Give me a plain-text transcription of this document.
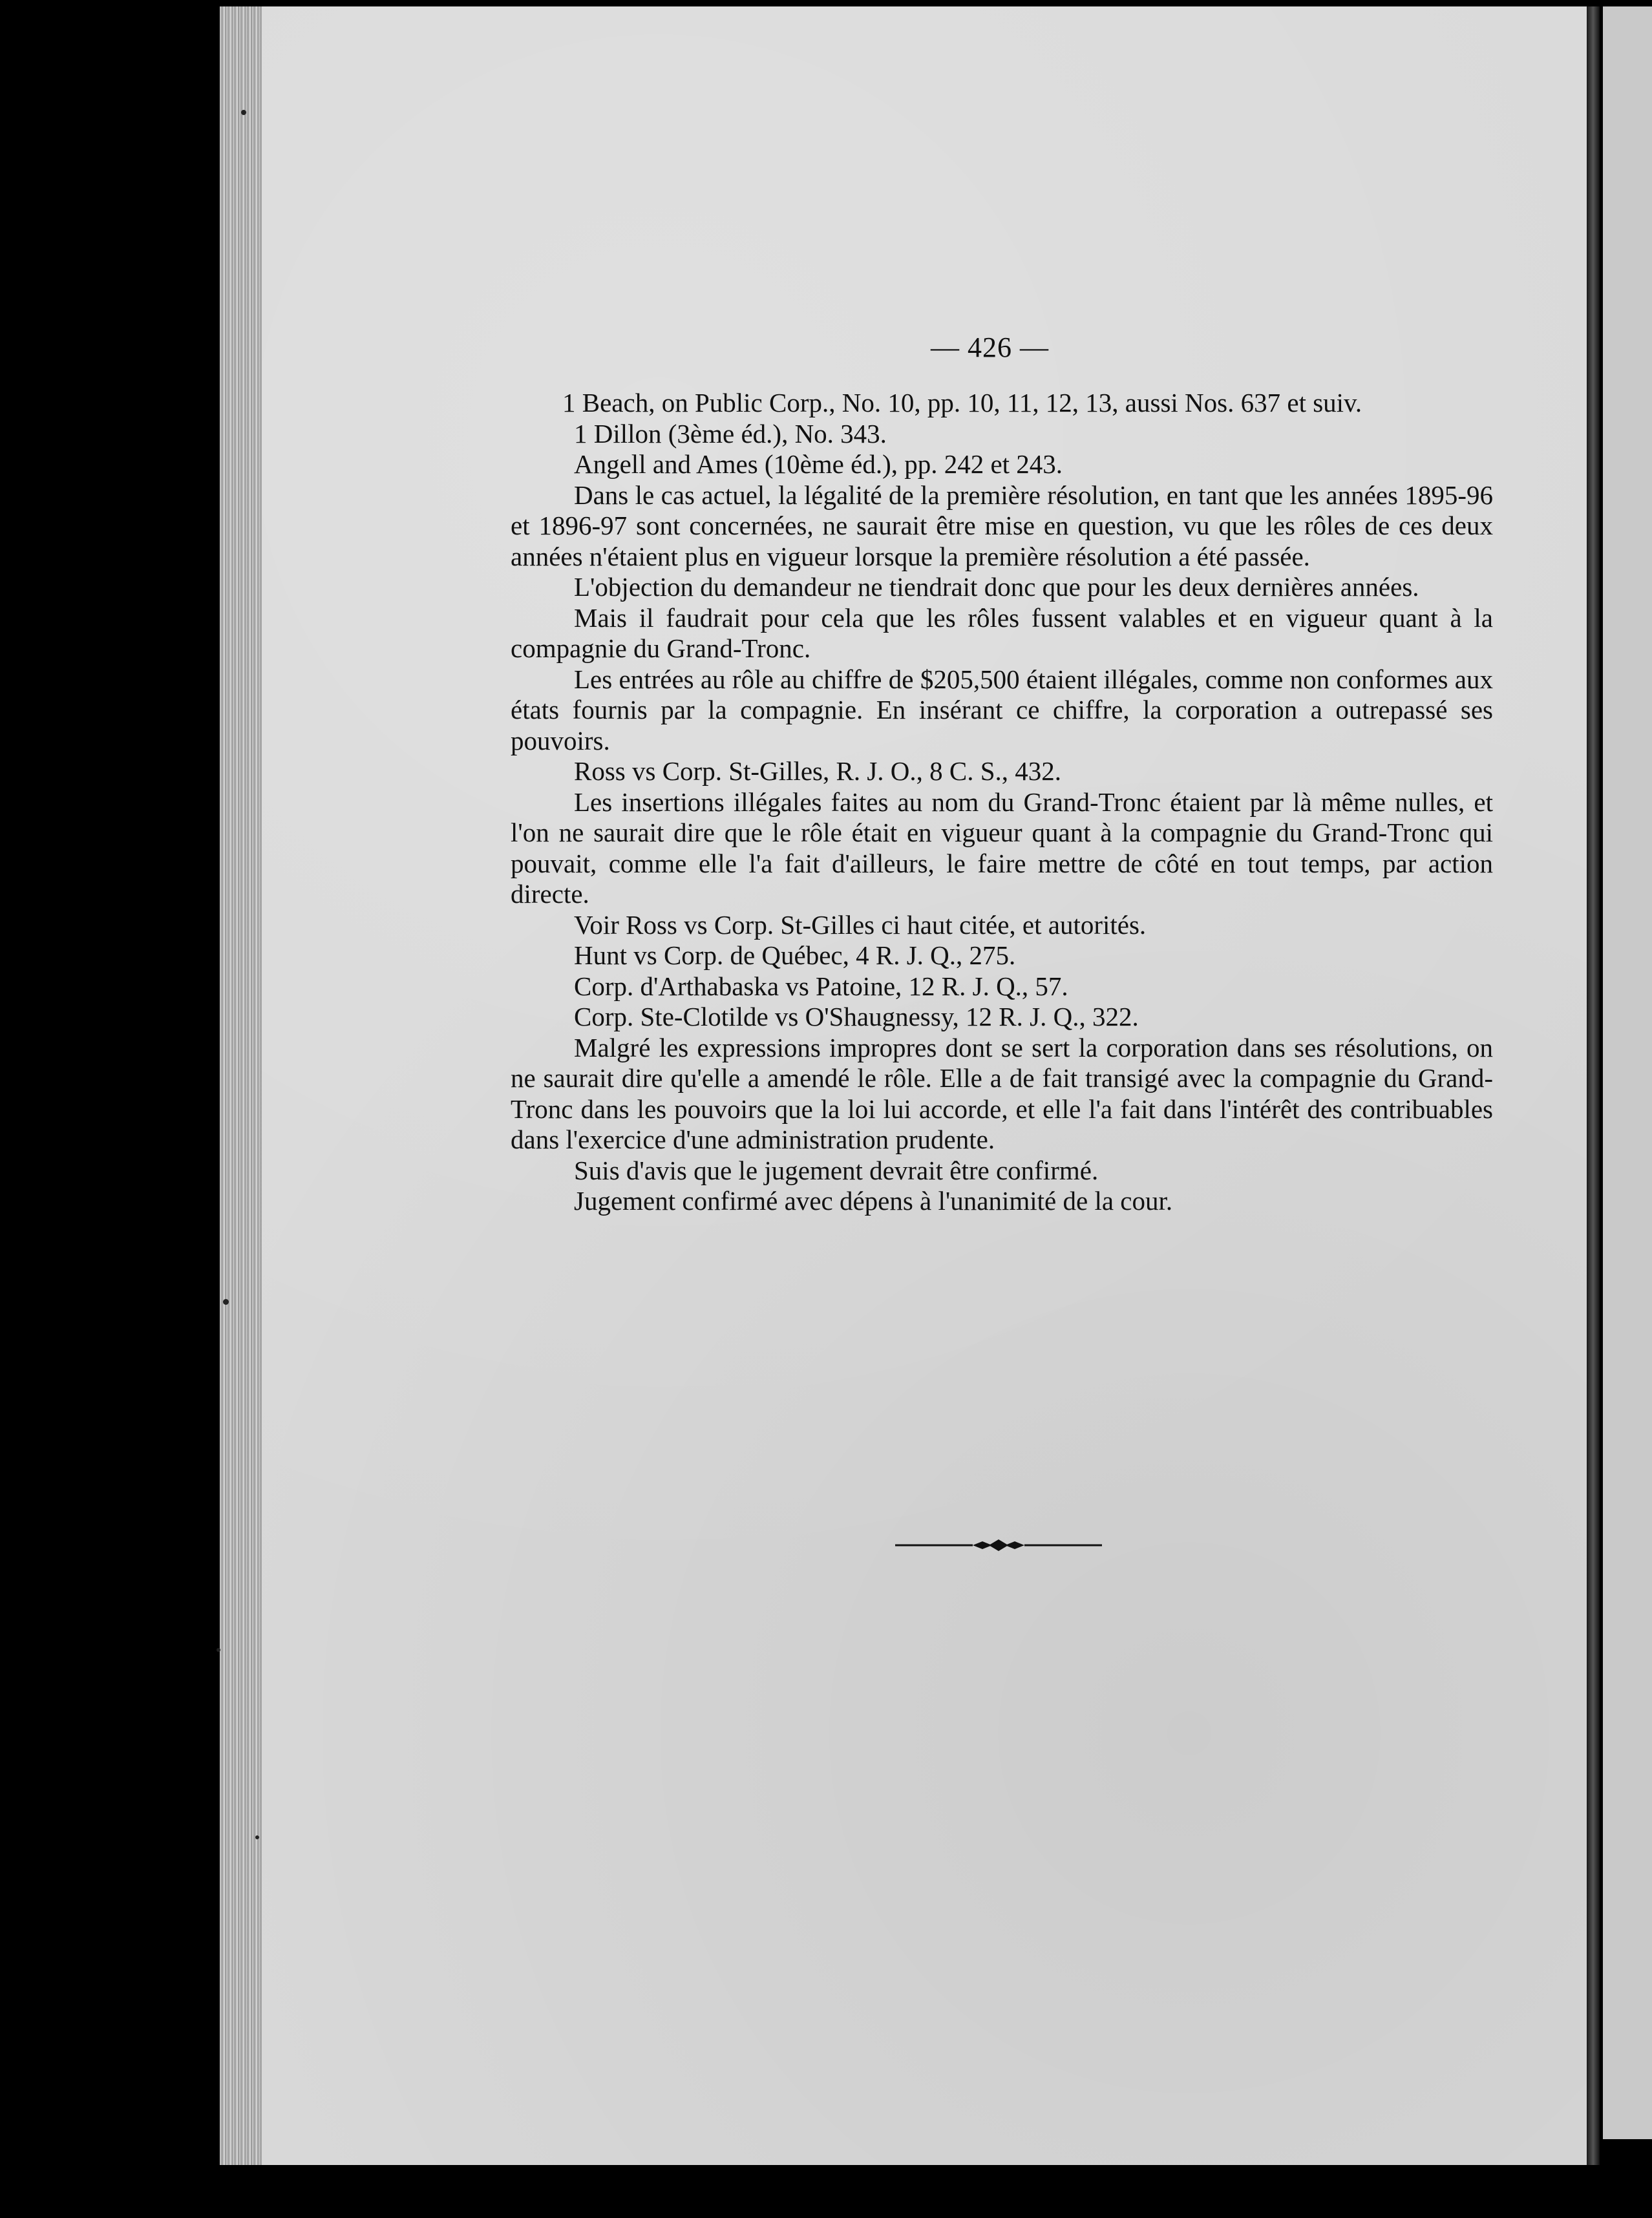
— 426 —

1 Beach, on Public Corp., No. 10, pp. 10, 11, 12, 13, aussi Nos. 637 et suiv.

1 Dillon (3ème éd.), No. 343.

Angell and Ames (10ème éd.), pp. 242 et 243.

Dans le cas actuel, la légalité de la première résolution, en tant que les années 1895-96 et 1896-97 sont concernées, ne saurait être mise en question, vu que les rôles de ces deux années n'étaient plus en vigueur lorsque la première résolution a été passée.

L'objection du demandeur ne tiendrait donc que pour les deux dernières années.

Mais il faudrait pour cela que les rôles fussent valables et en vigueur quant à la compagnie du Grand-Tronc.

Les entrées au rôle au chiffre de $205,500 étaient illégales, comme non conformes aux états fournis par la compagnie. En insérant ce chiffre, la corporation a outrepassé ses pouvoirs.

Ross vs Corp. St-Gilles, R. J. O., 8 C. S., 432.

Les insertions illégales faites au nom du Grand-Tronc étaient par là même nulles, et l'on ne saurait dire que le rôle était en vigueur quant à la compagnie du Grand-Tronc qui pouvait, comme elle l'a fait d'ailleurs, le faire mettre de côté en tout temps, par action directe.

Voir Ross vs Corp. St-Gilles ci haut citée, et autorités.

Hunt vs Corp. de Québec, 4 R. J. Q., 275.

Corp. d'Arthabaska vs Patoine, 12 R. J. Q., 57.

Corp. Ste-Clotilde vs O'Shaugnessy, 12 R. J. Q., 322.

Malgré les expressions impropres dont se sert la corporation dans ses résolutions, on ne saurait dire qu'elle a amendé le rôle. Elle a de fait transigé avec la compagnie du Grand-Tronc dans les pouvoirs que la loi lui accorde, et elle l'a fait dans l'intérêt des contribuables dans l'exercice d'une administration prudente.

Suis d'avis que le jugement devrait être confirmé.

Jugement confirmé avec dépens à l'unanimité de la cour.
